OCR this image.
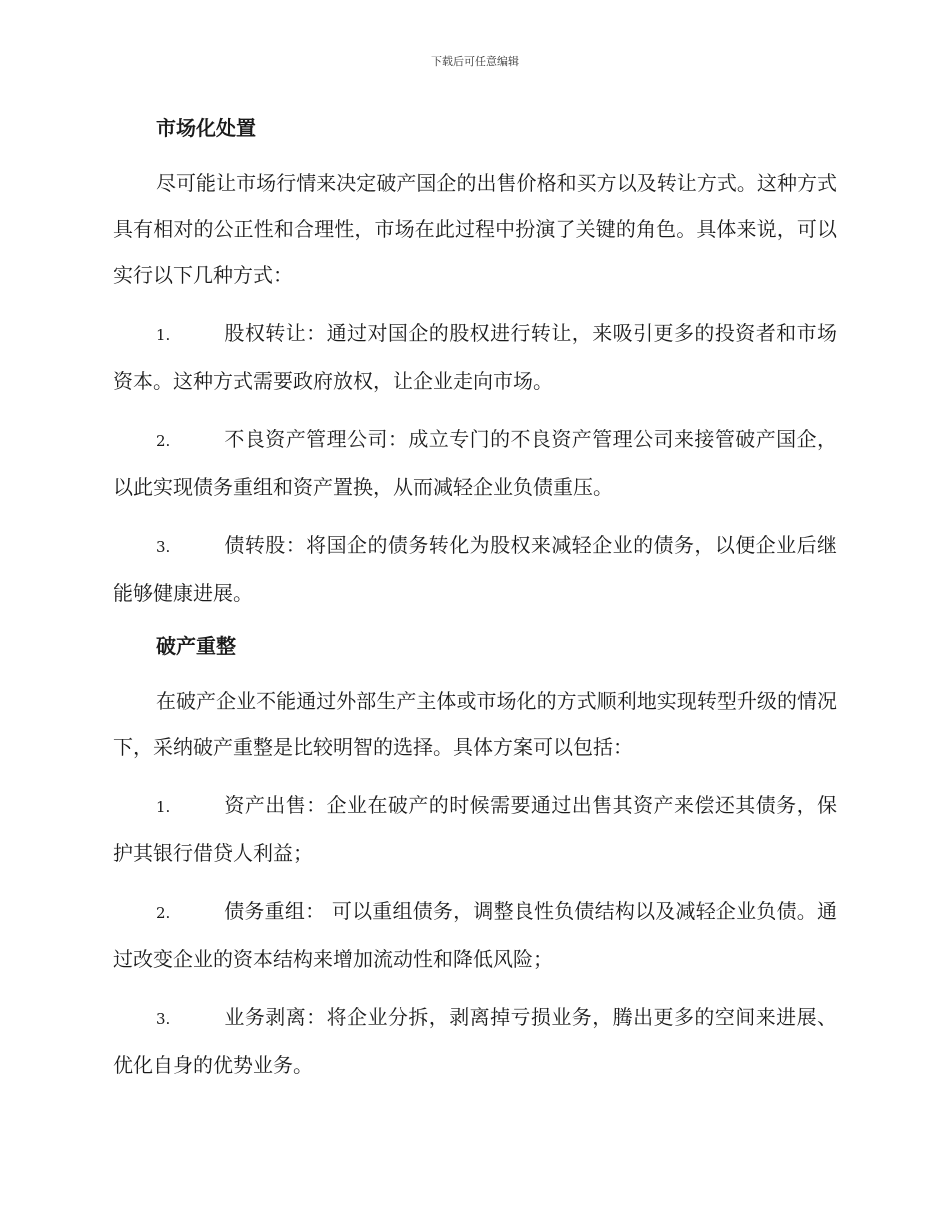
下载后可任意编辑
市场化处置

尽可能让市场行情来决定破产国企的出售价格和买方以及转让方式。这种方式具有相对的公正性和合理性，市场在此过程中扮演了关键的角色。具体来说，可以实行以下几种方式：

1.	股权转让：通过对国企的股权进行转让，来吸引更多的投资者和市场资本。这种方式需要政府放权，让企业走向市场。

2.	不良资产管理公司：成立专门的不良资产管理公司来接管破产国企，以此实现债务重组和资产置换，从而减轻企业负债重压。

3.	债转股：将国企的债务转化为股权来减轻企业的债务，以便企业后继能够健康进展。

破产重整

在破产企业不能通过外部生产主体或市场化的方式顺利地实现转型升级的情况下，采纳破产重整是比较明智的选择。具体方案可以包括：

1.	资产出售：企业在破产的时候需要通过出售其资产来偿还其债务，保护其银行借贷人利益；

2.	债务重组： 可以重组债务，调整良性负债结构以及减轻企业负债。通过改变企业的资本结构来增加流动性和降低风险；

3.	业务剥离：将企业分拆，剥离掉亏损业务，腾出更多的空间来进展、优化自身的优势业务。
